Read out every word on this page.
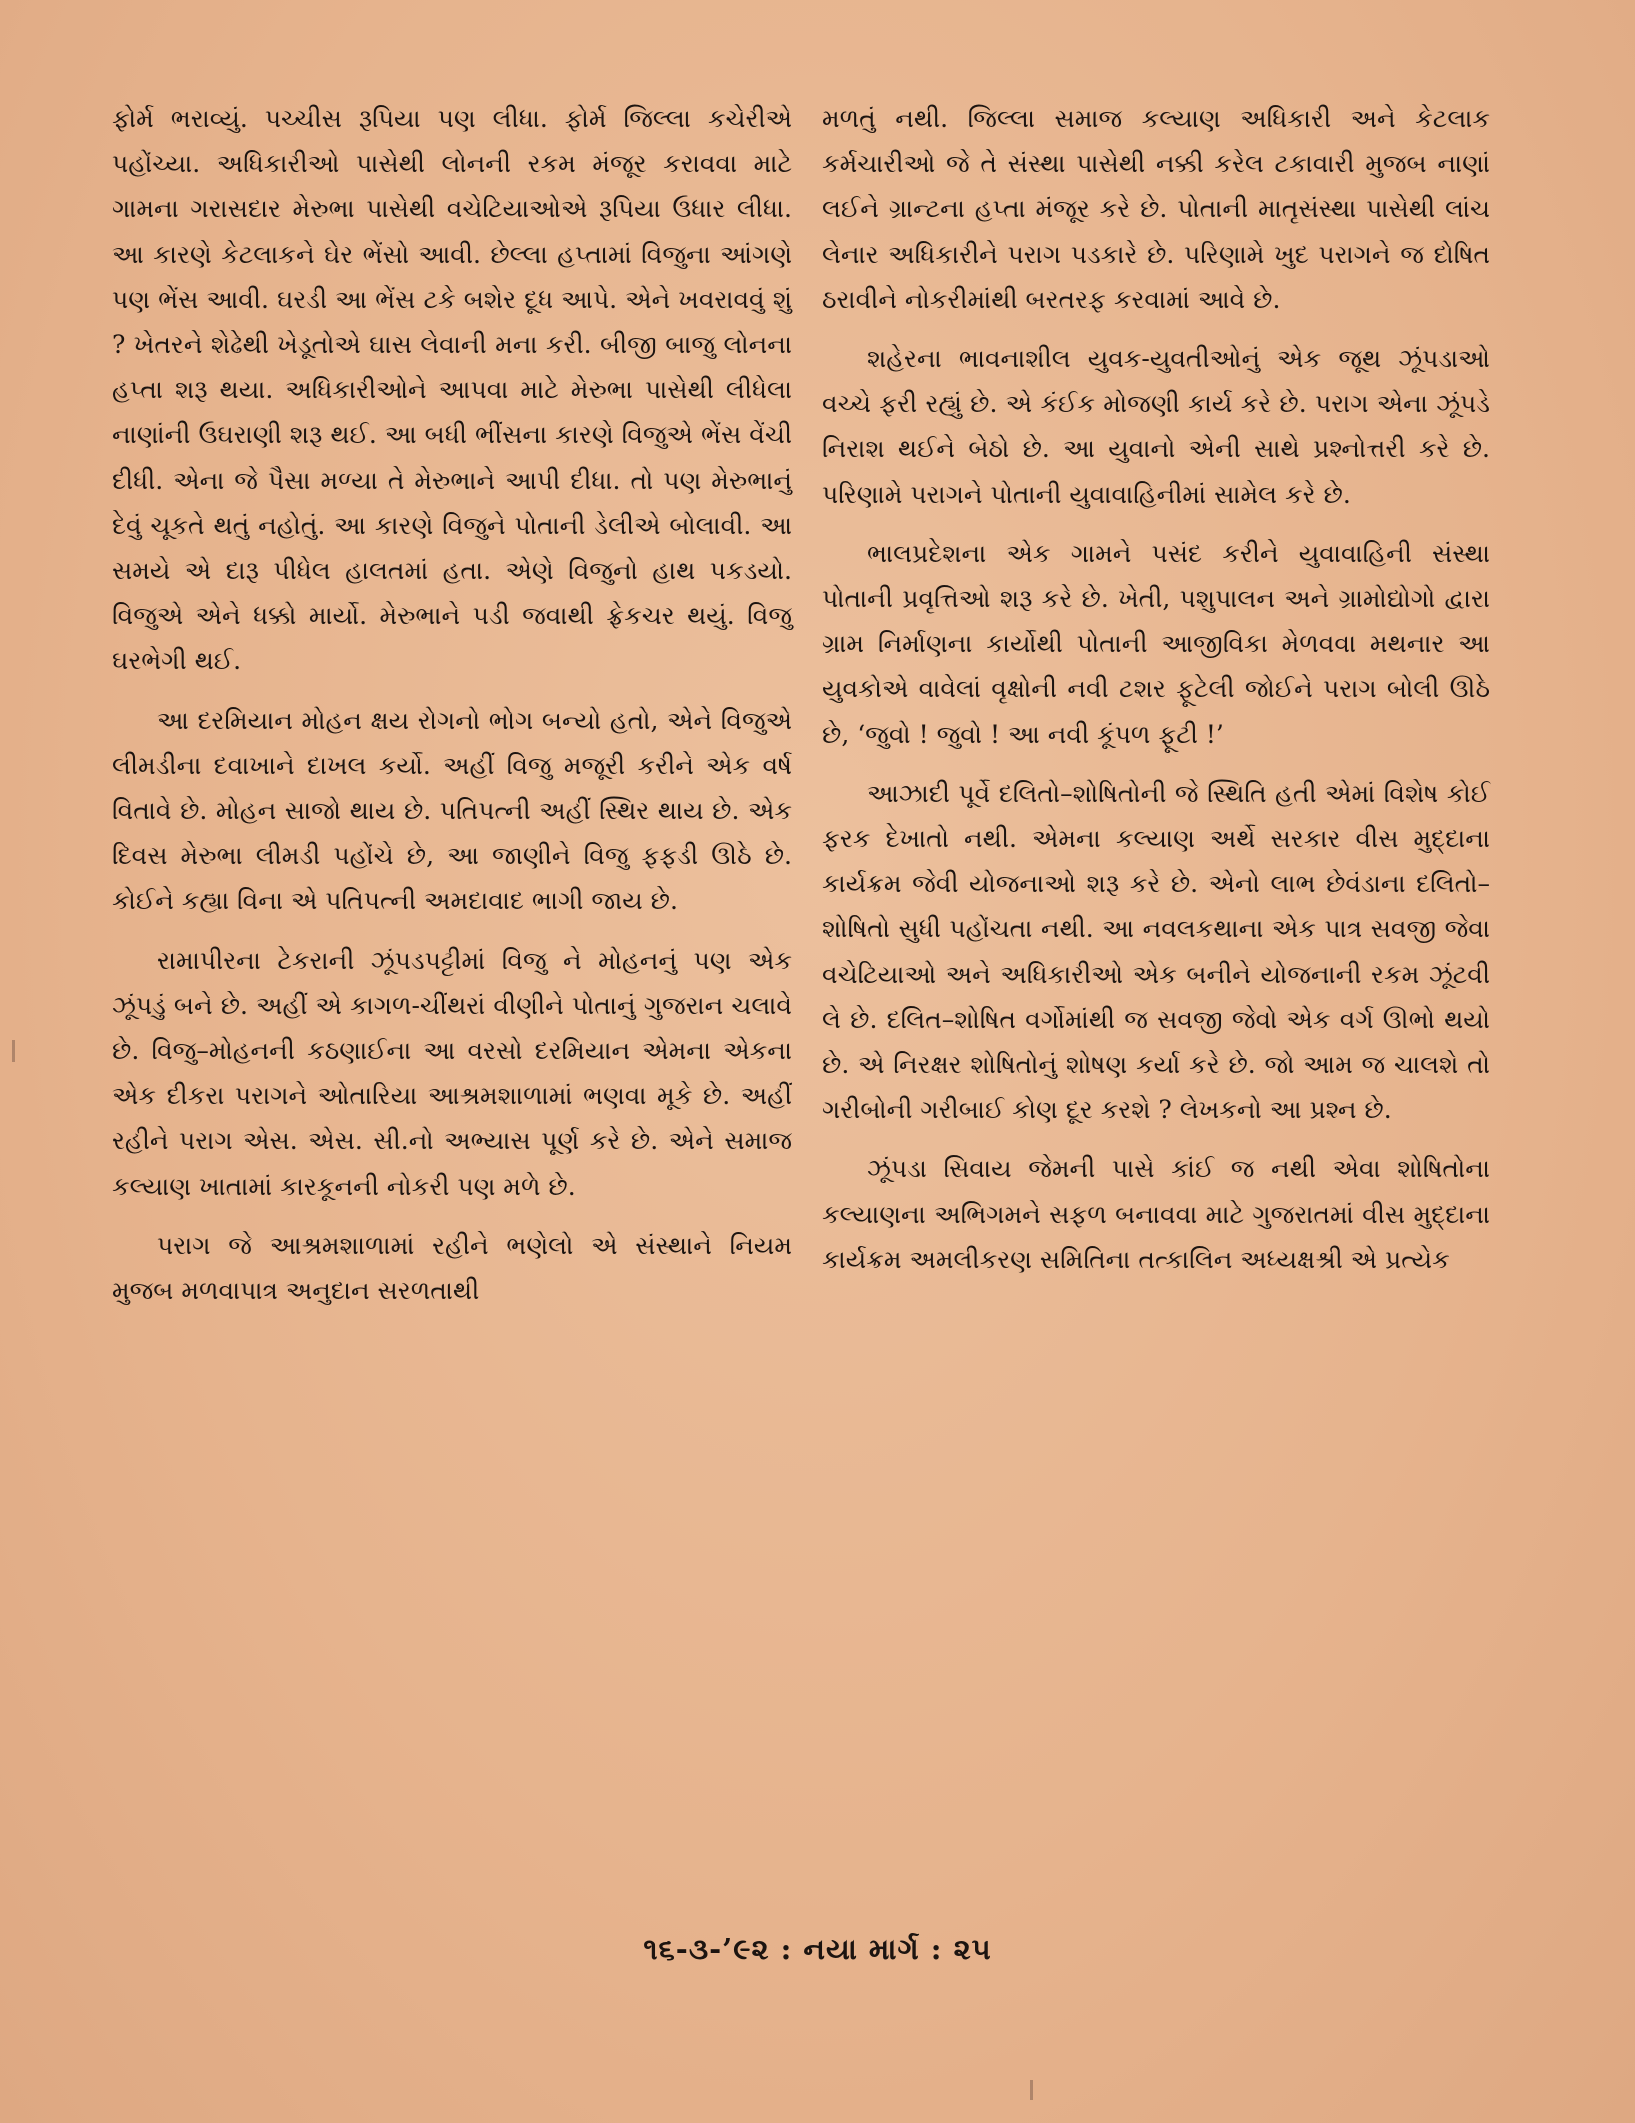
ફોર્મ ભરાવ્યું. પચ્ચીસ રૂપિયા પણ લીધા. ફોર્મ જિલ્લા કચેરીએ પહોંચ્યા. અધિકારીઓ પાસેથી લોનની રકમ મંજૂર કરાવવા માટે ગામના ગરાસદાર મેરુભા પાસેથી વચેટિયાઓએ રૂપિયા ઉધાર લીધા. આ કારણે કેટલાકને ઘેર ભેંસો આવી. છેલ્લા હપ્તામાં વિજુના આંગણે પણ ભેંસ આવી. ઘરડી આ ભેંસ ટકે બશેર દૂધ આપે. એને ખવરાવવું શું ? ખેતરને શેઢેથી ખેડૂતોએ ઘાસ લેવાની મના કરી. બીજી બાજુ લોનના હપ્તા શરૂ થયા. અધિકારીઓને આપવા માટે મેરુભા પાસેથી લીધેલા નાણાંની ઉઘરાણી શરૂ થઈ. આ બધી ભીંસના કારણે વિજુએ ભેંસ વેંચી દીધી. એના જે પૈસા મળ્યા તે મેરુભાને આપી દીધા. તો પણ મેરુભાનું દેવું ચૂકતે થતું નહોતું. આ કારણે વિજુને પોતાની ડેલીએ બોલાવી. આ સમયે એ દારૂ પીધેલ હાલતમાં હતા. એણે વિજુનો હાથ પકડયો. વિજુએ એને ધક્કો માર્યો. મેરુભાને પડી જવાથી ફ્રેકચર થયું. વિજુ ઘરભેગી થઈ.

આ દરમિયાન મોહન ક્ષય રોગનો ભોગ બન્યો હતો, એને વિજુએ લીમડીના દવાખાને દાખલ કર્યો. અહીં વિજુ મજૂરી કરીને એક વર્ષ વિતાવે છે. મોહન સાજો થાય છે. પતિપત્ની અહીં સ્થિર થાય છે. એક દિવસ મેરુભા લીમડી પહોંચે છે, આ જાણીને વિજુ ફફડી ઊઠે છે. કોઈને કહ્યા વિના એ પતિપત્ની અમદાવાદ ભાગી જાય છે.

રામાપીરના ટેકરાની ઝૂંપડપટ્ટીમાં વિજુ ને મોહનનું પણ એક ઝૂંપડું બને છે. અહીં એ કાગળ-ચીંથરાં વીણીને પોતાનું ગુજરાન ચલાવે છે. વિજુ–મોહનની કઠણાઈના આ વરસો દરમિયાન એમના એકના એક દીકરા પરાગને ઓતારિયા આશ્રમશાળામાં ભણવા મૂકે છે. અહીં રહીને પરાગ એસ. એસ. સી.નો અભ્યાસ પૂર્ણ કરે છે. એને સમાજ કલ્યાણ ખાતામાં કારકૂનની નોકરી પણ મળે છે.

પરાગ જે આશ્રમશાળામાં રહીને ભણેલો એ સંસ્થાને નિયમ મુજબ મળવાપાત્ર અનુદાન સરળતાથી

મળતું નથી. જિલ્લા સમાજ કલ્યાણ અધિકારી અને કેટલાક કર્મચારીઓ જે તે સંસ્થા પાસેથી નક્કી કરેલ ટકાવારી મુજબ નાણાં લઈને ગ્રાન્ટના હપ્તા મંજૂર કરે છે. પોતાની માતૃસંસ્થા પાસેથી લાંચ લેનાર અધિકારીને પરાગ પડકારે છે. પરિણામે ખુદ પરાગને જ દોષિત ઠરાવીને નોકરીમાંથી બરતરફ કરવામાં આવે છે.

શહેરના ભાવનાશીલ યુવક-યુવતીઓનું એક જૂથ ઝૂંપડાઓ વચ્ચે ફરી રહ્યું છે. એ કંઈક મોજણી કાર્ય કરે છે. પરાગ એના ઝૂંપડે નિરાશ થઈને બેઠો છે. આ યુવાનો એની સાથે પ્રશ્નોત્તરી કરે છે. પરિણામે પરાગને પોતાની યુવાવાહિનીમાં સામેલ કરે છે.

ભાલપ્રદેશના એક ગામને પસંદ કરીને યુવાવાહિની સંસ્થા પોતાની પ્રવૃત્તિઓ શરૂ કરે છે. ખેતી, પશુપાલન અને ગ્રામોદ્યોગો દ્વારા ગ્રામ નિર્માણના કાર્યોથી પોતાની આજીવિકા મેળવવા મથનાર આ યુવકોએ વાવેલાં વૃક્ષોની નવી ટશર ફૂટેલી જોઈને પરાગ બોલી ઊઠે છે, ‘જુવો ! જુવો ! આ નવી કૂંપળ ફૂટી !’

આઝાદી પૂર્વે દલિતો–શોષિતોની જે સ્થિતિ હતી એમાં વિશેષ કોઈ ફરક દેખાતો નથી. એમના કલ્યાણ અર્થે સરકાર વીસ મુદ્દાના કાર્યક્રમ જેવી યોજનાઓ શરૂ કરે છે. એનો લાભ છેવંડાના દલિતો–શોષિતો સુધી પહોંચતા નથી. આ નવલકથાના એક પાત્ર સવજી જેવા વચેટિયાઓ અને અધિકારીઓ એક બનીને યોજનાની રકમ ઝૂંટવી લે છે. દલિત–શોષિત વર્ગોમાંથી જ સવજી જેવો એક વર્ગ ઊભો થયો છે. એ નિરક્ષર શોષિતોનું શોષણ કર્યા કરે છે. જો આમ જ ચાલશે તો ગરીબોની ગરીબાઈ કોણ દૂર કરશે ? લેખકનો આ પ્રશ્ન છે.

ઝૂંપડા સિવાય જેમની પાસે કાંઈ જ નથી એવા શોષિતોના કલ્યાણના અભિગમને સફળ બનાવવા માટે ગુજરાતમાં વીસ મુદ્દાના કાર્યક્રમ અમલીકરણ સમિતિના તત્કાલિન અધ્યક્ષશ્રી એ પ્રત્યેક

૧૬-૩-’૯૨ : નયા માર્ગ : ૨૫
